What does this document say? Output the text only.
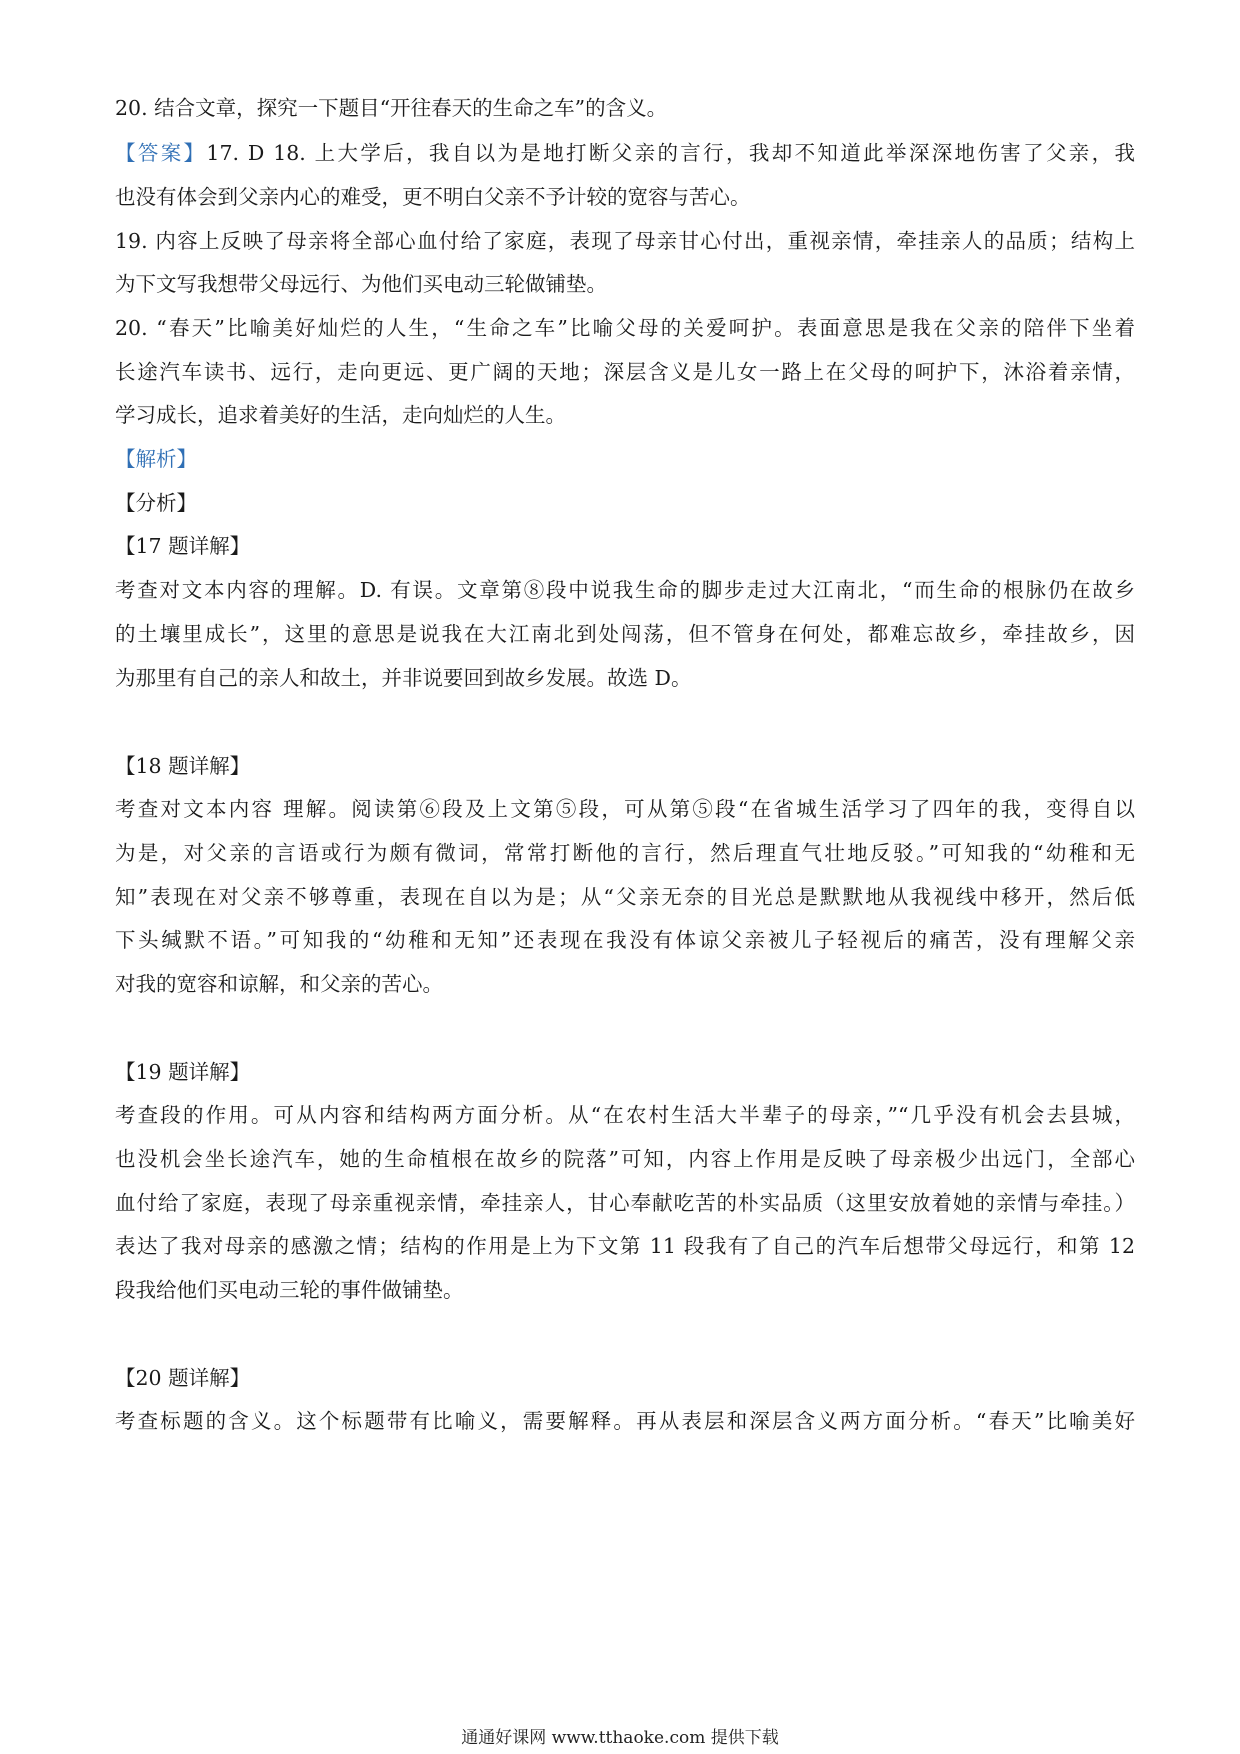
20. 结合文章，探究一下题目“开往春天的生命之车”的含义。

【答案】17. D 18. 上大学后，我自以为是地打断父亲的言行，我却不知道此举深深地伤害了父亲，我

也没有体会到父亲内心的难受，更不明白父亲不予计较的宽容与苦心。

19. 内容上反映了母亲将全部心血付给了家庭，表现了母亲甘心付出，重视亲情，牵挂亲人的品质；结构上

为下文写我想带父母远行、为他们买电动三轮做铺垫。

20. “春天”比喻美好灿烂的人生，“生命之车”比喻父母的关爱呵护。表面意思是我在父亲的陪伴下坐着

长途汽车读书、远行，走向更远、更广阔的天地；深层含义是儿女一路上在父母的呵护下，沐浴着亲情，

学习成长，追求着美好的生活，走向灿烂的人生。

【解析】

【分析】

【17 题详解】

考查对文本内容的理解。D. 有误。文章第⑧段中说我生命的脚步走过大江南北，“而生命的根脉仍在故乡

的土壤里成长”，这里的意思是说我在大江南北到处闯荡，但不管身在何处，都难忘故乡，牵挂故乡，因

为那里有自己的亲人和故土，并非说要回到故乡发展。故选 D。

【18 题详解】

考查对文本内容 理解。阅读第⑥段及上文第⑤段，可从第⑤段“在省城生活学习了四年的我，变得自以

为是，对父亲的言语或行为颇有微词，常常打断他的言行，然后理直气壮地反驳。”可知我的“幼稚和无

知”表现在对父亲不够尊重，表现在自以为是；从“父亲无奈的目光总是默默地从我视线中移开，然后低

下头缄默不语。”可知我的“幼稚和无知”还表现在我没有体谅父亲被儿子轻视后的痛苦，没有理解父亲

对我的宽容和谅解，和父亲的苦心。

【19 题详解】

考查段的作用。可从内容和结构两方面分析。从“在农村生活大半辈子的母亲，”“几乎没有机会去县城，

也没机会坐长途汽车，她的生命植根在故乡的院落”可知，内容上作用是反映了母亲极少出远门，全部心

血付给了家庭，表现了母亲重视亲情，牵挂亲人，甘心奉献吃苦的朴实品质（这里安放着她的亲情与牵挂。）

表达了我对母亲的感激之情；结构的作用是上为下文第 11 段我有了自己的汽车后想带父母远行，和第 12

段我给他们买电动三轮的事件做铺垫。

【20 题详解】

考查标题的含义。这个标题带有比喻义，需要解释。再从表层和深层含义两方面分析。“春天”比喻美好

通通好课网 www.tthaoke.com 提供下载
